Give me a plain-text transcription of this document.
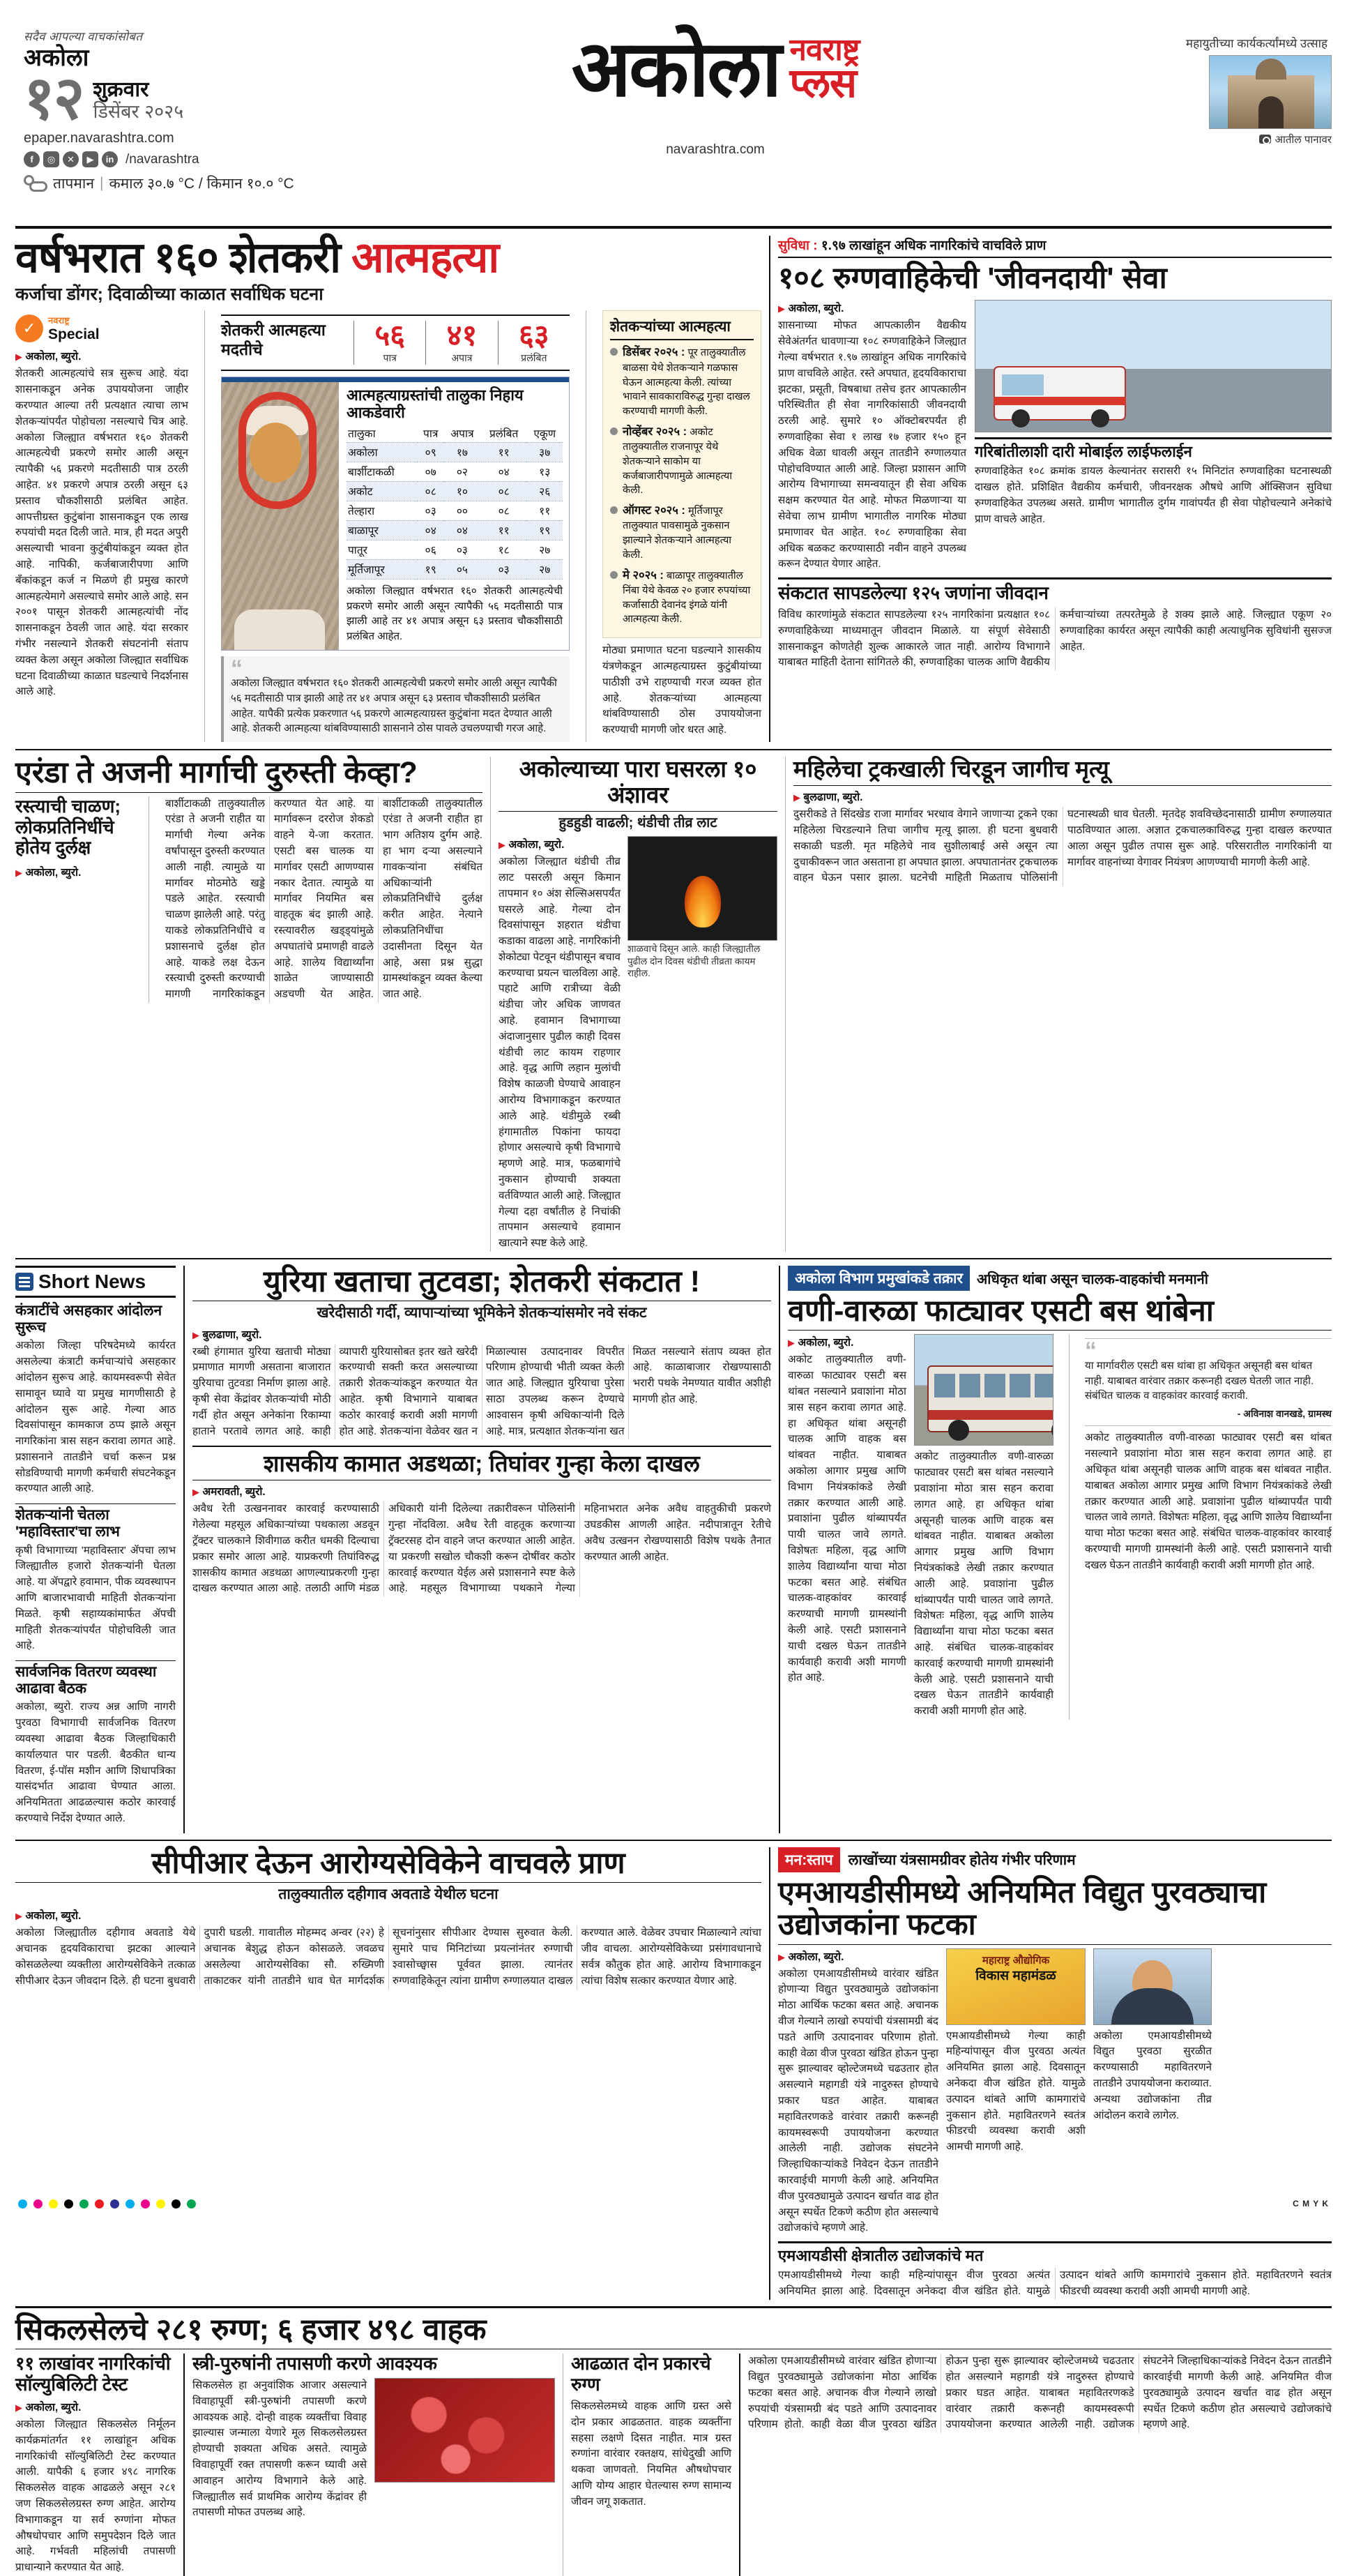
सदैव आपल्या वाचकांसोबत
अकोला
१२ शुक्रवार
डिसेंबर २०२५
epaper.navarashtra.com
f	◎	✕	▶	in /navarashtra
तापमान | कमाल ३०.७ °C / किमान १०.० °C
अकोला नवराष्ट्र
प्लस
navarashtra.com
महायुतीच्या कार्यकर्त्यांमध्ये उत्साह
आतील पानावर
वर्षभरात १६० शेतकरी आत्महत्या
कर्जाचा डोंगर; दिवाळीच्या काळात सर्वाधिक घटना
✓	नवराष्ट्र
Special
▶ अकोला, ब्युरो.
शेतकरी आत्महत्यांचे सत्र सुरूच आहे. यंदा शासनाकडून अनेक उपाययोजना जाहीर करण्यात आल्या तरी प्रत्यक्षात त्याचा लाभ शेतकऱ्यांपर्यंत पोहोचला नसल्याचे चित्र आहे. अकोला जिल्ह्यात वर्षभरात १६० शेतकरी आत्महत्येची प्रकरणे समोर आली असून त्यापैकी ५६ प्रकरणे मदतीसाठी पात्र ठरली आहेत. ४१ प्रकरणे अपात्र ठरली असून ६३ प्रस्ताव चौकशीसाठी प्रलंबित आहेत. आपत्तीग्रस्त कुटुंबांना शासनाकडून एक लाख रुपयांची मदत दिली जाते. मात्र, ही मदत अपुरी असल्याची भावना कुटुंबीयांकडून व्यक्त होत आहे. नापिकी, कर्जबाजारीपणा आणि बँकांकडून कर्ज न मिळणे ही प्रमुख कारणे आत्महत्येमागे असल्याचे समोर आले आहे. सन २००१ पासून शेतकरी आत्महत्यांची नोंद शासनाकडून ठेवली जात आहे. यंदा सरकार गंभीर नसल्याने शेतकरी संघटनांनी संताप व्यक्त केला असून अकोला जिल्ह्यात सर्वाधिक घटना दिवाळीच्या काळात घडल्याचे निदर्शनास आले आहे.
शेतकरी आत्महत्या मदतीचे	५६
पात्र
४१
अपात्र
६३
प्रलंबित
आत्महत्याग्रस्तांची तालुका निहाय आकडेवारी
तालुका	पात्र	अपात्र	प्रलंबित	एकूण
अकोला	०९	१७	११	३७
बार्शीटाकळी	०७	०२	०४	१३
अकोट	०८	१०	०८	२६
तेल्हारा	०३	००	०८	११
बाळापूर	०४	०४	११	१९
पातूर	०६	०३	१८	२७
मूर्तिजापूर	१९	०५	०३	२७
अकोला जिल्ह्यात वर्षभरात १६० शेतकरी आत्महत्येची प्रकरणे समोर आली असून त्यापैकी ५६ मदतीसाठी पात्र झाली आहे तर ४१ अपात्र असून ६३ प्रस्ताव चौकशीसाठी प्रलंबित आहेत.
“
अकोला जिल्ह्यात वर्षभरात १६० शेतकरी आत्महत्येची प्रकरणे समोर आली असून त्यापैकी ५६ मदतीसाठी पात्र झाली आहे तर ४१ अपात्र असून ६३ प्रस्ताव चौकशीसाठी प्रलंबित आहेत. यापैकी प्रत्येक प्रकरणात ५६ प्रकरणे आत्महत्याग्रस्त कुटुंबांना मदत देण्यात आली आहे. शेतकरी आत्महत्या थांबविण्यासाठी शासनाने ठोस पावले उचलण्याची गरज आहे.
शेतकऱ्यांच्या आत्महत्या
डिसेंबर २०२५ : पूर तालुक्यातील बाळसा येथे शेतकऱ्याने गळफास घेऊन आत्महत्या केली. त्यांच्या भावाने सावकाराविरुद्ध गुन्हा दाखल करण्याची मागणी केली.
नोव्हेंबर २०२५ : अकोट तालुक्यातील राजनापूर येथे शेतकऱ्याने साकोम या कर्जबाजारीपणामुळे आत्महत्या केली.
ऑगस्ट २०२५ : मूर्तिजापूर तालुक्यात पावसामुळे नुकसान झाल्याने शेतकऱ्याने आत्महत्या केली.
मे २०२५ : बाळापूर तालुक्यातील निंबा येथे केवळ २० हजार रुपयांच्या कर्जासाठी देवानंद इंगळे यांनी आत्महत्या केली.
मोठ्या प्रमाणात घटना घडल्याने शासकीय यंत्रणेकडून आत्महत्याग्रस्त कुटुंबीयांच्या पाठीशी उभे राहण्याची गरज व्यक्त होत आहे. शेतकऱ्यांच्या आत्महत्या थांबविण्यासाठी ठोस उपाययोजना करण्याची मागणी जोर धरत आहे.
सुविधा : १.९७ लाखांहून अधिक नागरिकांचे वाचविले प्राण
१०८ रुग्णवाहिकेची 'जीवनदायी' सेवा
▶ अकोला, ब्युरो.
शासनाच्या मोफत आपत्कालीन वैद्यकीय सेवेअंतर्गत धावणाऱ्या १०८ रुग्णवाहिकेने जिल्ह्यात गेल्या वर्षभरात १.९७ लाखांहून अधिक नागरिकांचे प्राण वाचविले आहेत. रस्ते अपघात, हृदयविकाराचा झटका, प्रसूती, विषबाधा तसेच इतर आपत्कालीन परिस्थितीत ही सेवा नागरिकांसाठी जीवनदायी ठरली आहे. सुमारे १० ऑक्टोबरपर्यंत ही रुग्णवाहिका सेवा १ लाख १७ हजार १५० हून अधिक वेळा धावली असून तातडीने रुग्णालयात पोहोचविण्यात आली आहे. जिल्हा प्रशासन आणि आरोग्य विभागाच्या समन्वयातून ही सेवा अधिक सक्षम करण्यात येत आहे. मोफत मिळणाऱ्या या सेवेचा लाभ ग्रामीण भागातील नागरिक मोठ्या प्रमाणावर घेत आहेत. १०८ रुग्णवाहिका सेवा अधिक बळकट करण्यासाठी नवीन वाहने उपलब्ध करून देण्यात येणार आहेत.
गरिबांतीलाशी दारी मोबाईल लाईफलाईन
रुग्णवाहिकेत १०८ क्रमांक डायल केल्यानंतर सरासरी १५ मिनिटांत रुग्णवाहिका घटनास्थळी दाखल होते. प्रशिक्षित वैद्यकीय कर्मचारी, जीवनरक्षक औषधे आणि ऑक्सिजन सुविधा रुग्णवाहिकेत उपलब्ध असते. ग्रामीण भागातील दुर्गम गावांपर्यंत ही सेवा पोहोचल्याने अनेकांचे प्राण वाचले आहेत.
संकटात सापडलेल्या १२५ जणांना जीवदान
विविध कारणांमुळे संकटात सापडलेल्या १२५ नागरिकांना प्रत्यक्षात १०८ रुग्णवाहिकेच्या माध्यमातून जीवदान मिळाले. या संपूर्ण सेवेसाठी शासनाकडून कोणतेही शुल्क आकारले जात नाही. आरोग्य विभागाने याबाबत माहिती देताना सांगितले की, रुग्णवाहिका चालक आणि वैद्यकीय कर्मचाऱ्यांच्या तत्परतेमुळे हे शक्य झाले आहे. जिल्ह्यात एकूण २० रुग्णवाहिका कार्यरत असून त्यापैकी काही अत्याधुनिक सुविधांनी सुसज्ज आहेत.
एरंडा ते अजनी मार्गाची दुरुस्ती केव्हा?
रस्त्याची चाळण; लोकप्रतिनिधींचे होतेय दुर्लक्ष
▶ अकोला, ब्युरो.
बार्शीटाकळी तालुक्यातील एरंडा ते अजनी राहीत या मार्गाची गेल्या अनेक वर्षांपासून दुरुस्ती करण्यात आली नाही. त्यामुळे या मार्गावर मोठमोठे खड्डे पडले आहेत. रस्त्याची चाळण झालेली आहे. परंतु याकडे लोकप्रतिनिधींचे व प्रशासनाचे दुर्लक्ष होत आहे. याकडे लक्ष देऊन रस्त्याची दुरुस्ती करण्याची मागणी नागरिकांकडून करण्यात येत आहे. या मार्गावरून दररोज शेकडो वाहने ये-जा करतात. एसटी बस चालक या मार्गावर एसटी आणण्यास नकार देतात. त्यामुळे या मार्गावर नियमित बस वाहतूक बंद झाली आहे. रस्त्यावरील खड्ड्यांमुळे अपघातांचे प्रमाणही वाढले आहे. शालेय विद्यार्थ्यांना शाळेत जाण्यासाठी अडचणी येत आहेत. बार्शीटाकळी तालुक्यातील एरंडा ते अजनी राहीत हा भाग अतिशय दुर्गम आहे. हा भाग दऱ्या असल्याने गावकऱ्यांना संबंधित अधिकाऱ्यांनी लोकप्रतिनिधींचे दुर्लक्ष करीत आहेत. नेत्याने लोकप्रतिनिधींचा उदासीनता दिसून येत आहे, असा प्रश्न सुद्धा ग्रामस्थांकडून व्यक्त केल्या जात आहे.
अकोल्याच्या पारा घसरला १० अंशावर
हुडहुडी वाढली; थंडीची तीव्र लाट
▶ अकोला, ब्युरो.
अकोला जिल्ह्यात थंडीची तीव्र लाट पसरली असून किमान तापमान १० अंश सेल्सिअसपर्यंत घसरले आहे. गेल्या दोन दिवसांपासून शहरात थंडीचा कडाका वाढला आहे. नागरिकांनी शेकोट्या पेटवून थंडीपासून बचाव करण्याचा प्रयत्न चालविला आहे. पहाटे आणि रात्रीच्या वेळी थंडीचा जोर अधिक जाणवत आहे. हवामान विभागाच्या अंदाजानुसार पुढील काही दिवस थंडीची लाट कायम राहणार आहे. वृद्ध आणि लहान मुलांची विशेष काळजी घेण्याचे आवाहन आरोग्य विभागाकडून करण्यात आले आहे. थंडीमुळे रब्बी हंगामातील पिकांना फायदा होणार असल्याचे कृषी विभागाचे म्हणणे आहे. मात्र, फळबागांचे नुकसान होण्याची शक्यता वर्तविण्यात आली आहे. जिल्ह्यात गेल्या दहा वर्षांतील हे निचांकी तापमान असल्याचे हवामान खात्याने स्पष्ट केले आहे.
शाळवाचे दिसून आले. काही जिल्ह्यातील पुढील दोन दिवस थंडीची तीव्रता कायम राहील.
महिलेचा ट्रकखाली चिरडून जागीच मृत्यू
▶ बुलढाणा, ब्युरो.
दुसरीकडे ते सिंदखेड राजा मार्गावर भरधाव वेगाने जाणाऱ्या ट्रकने एका महिलेला चिरडल्याने तिचा जागीच मृत्यू झाला. ही घटना बुधवारी सकाळी घडली. मृत महिलेचे नाव सुशीलाबाई असे असून त्या दुचाकीवरून जात असताना हा अपघात झाला. अपघातानंतर ट्रकचालक वाहन घेऊन पसार झाला. घटनेची माहिती मिळताच पोलिसांनी घटनास्थळी धाव घेतली. मृतदेह शवविच्छेदनासाठी ग्रामीण रुग्णालयात पाठविण्यात आला. अज्ञात ट्रकचालकाविरुद्ध गुन्हा दाखल करण्यात आला असून पुढील तपास सुरू आहे. परिसरातील नागरिकांनी या मार्गावर वाहनांच्या वेगावर नियंत्रण आणण्याची मागणी केली आहे.
Short News
कंत्राटींचे असहकार आंदोलन सुरूच
अकोला जिल्हा परिषदेमध्ये कार्यरत असलेल्या कंत्राटी कर्मचाऱ्यांचे असहकार आंदोलन सुरूच आहे. कायमस्वरूपी सेवेत सामावून घ्यावे या प्रमुख मागणीसाठी हे आंदोलन सुरू आहे. गेल्या आठ दिवसांपासून कामकाज ठप्प झाले असून नागरिकांना त्रास सहन करावा लागत आहे. प्रशासनाने तातडीने चर्चा करून प्रश्न सोडविण्याची मागणी कर्मचारी संघटनेकडून करण्यात आली आहे.
शेतकऱ्यांनी चेतला 'महाविस्तार'चा लाभ
कृषी विभागाच्या 'महाविस्तार' ॲपचा लाभ जिल्ह्यातील हजारो शेतकऱ्यांनी घेतला आहे. या ॲपद्वारे हवामान, पीक व्यवस्थापन आणि बाजारभावाची माहिती शेतकऱ्यांना मिळते. कृषी सहाय्यकांमार्फत ॲपची माहिती शेतकऱ्यांपर्यंत पोहोचविली जात आहे.
सार्वजनिक वितरण व्यवस्था आढावा बैठक
अकोला, ब्युरो. राज्य अन्न आणि नागरी पुरवठा विभागाची सार्वजनिक वितरण व्यवस्था आढावा बैठक जिल्हाधिकारी कार्यालयात पार पडली. बैठकीत धान्य वितरण, ई-पॉस मशीन आणि शिधापत्रिका यासंदर्भात आढावा घेण्यात आला. अनियमितता आढळल्यास कठोर कारवाई करण्याचे निर्देश देण्यात आले.
युरिया खताचा तुटवडा; शेतकरी संकटात !
खरेदीसाठी गर्दी, व्यापाऱ्यांच्या भूमिकेने शेतकऱ्यांसमोर नवे संकट
▶ बुलढाणा, ब्युरो.
रब्बी हंगामात युरिया खताची मोठ्या प्रमाणात मागणी असताना बाजारात युरियाचा तुटवडा निर्माण झाला आहे. कृषी सेवा केंद्रांवर शेतकऱ्यांची मोठी गर्दी होत असून अनेकांना रिकाम्या हाताने परतावे लागत आहे. काही व्यापारी युरियासोबत इतर खते खरेदी करण्याची सक्ती करत असल्याच्या तक्रारी शेतकऱ्यांकडून करण्यात येत आहेत. कृषी विभागाने याबाबत कठोर कारवाई करावी अशी मागणी होत आहे. शेतकऱ्यांना वेळेवर खत न मिळाल्यास उत्पादनावर विपरीत परिणाम होण्याची भीती व्यक्त केली जात आहे. जिल्ह्यात युरियाचा पुरेसा साठा उपलब्ध करून देण्याचे आश्वासन कृषी अधिकाऱ्यांनी दिले आहे. मात्र, प्रत्यक्षात शेतकऱ्यांना खत मिळत नसल्याने संताप व्यक्त होत आहे. काळाबाजार रोखण्यासाठी भरारी पथके नेमण्यात यावीत अशीही मागणी होत आहे.
शासकीय कामात अडथळा; तिघांवर गुन्हा केला दाखल
▶ अमरावती, ब्युरो.
अवैध रेती उत्खननावर कारवाई करण्यासाठी गेलेल्या महसूल अधिकाऱ्यांच्या पथकाला अडवून ट्रॅक्टर चालकाने शिवीगाळ करीत धमकी दिल्याचा प्रकार समोर आला आहे. याप्रकरणी तिघांविरुद्ध शासकीय कामात अडथळा आणल्याप्रकरणी गुन्हा दाखल करण्यात आला आहे. तलाठी आणि मंडळ अधिकारी यांनी दिलेल्या तक्रारीवरून पोलिसांनी गुन्हा नोंदविला. अवैध रेती वाहतूक करणाऱ्या ट्रॅक्टरसह दोन वाहने जप्त करण्यात आली आहेत. या प्रकरणी सखोल चौकशी करून दोषींवर कठोर कारवाई करण्यात येईल असे प्रशासनाने स्पष्ट केले आहे. महसूल विभागाच्या पथकाने गेल्या महिनाभरात अनेक अवैध वाहतुकीची प्रकरणे उघडकीस आणली आहेत. नदीपात्रातून रेतीचे अवैध उत्खनन रोखण्यासाठी विशेष पथके तैनात करण्यात आली आहेत.
अकोला विभाग प्रमुखांकडे तक्रार	अधिकृत थांबा असून चालक-वाहकांची मनमानी
वणी-वारुळा फाट्यावर एसटी बस थांबेना
▶ अकोला, ब्युरो.
अकोट तालुक्यातील वणी-वारुळा फाट्यावर एसटी बस थांबत नसल्याने प्रवाशांना मोठा त्रास सहन करावा लागत आहे. हा अधिकृत थांबा असूनही चालक आणि वाहक बस थांबवत नाहीत. याबाबत अकोला आगार प्रमुख आणि विभाग नियंत्रकांकडे लेखी तक्रार करण्यात आली आहे. प्रवाशांना पुढील थांब्यापर्यंत पायी चालत जावे लागते. विशेषतः महिला, वृद्ध आणि शालेय विद्यार्थ्यांना याचा मोठा फटका बसत आहे. संबंधित चालक-वाहकांवर कारवाई करण्याची मागणी ग्रामस्थांनी केली आहे. एसटी प्रशासनाने याची दखल घेऊन तातडीने कार्यवाही करावी अशी मागणी होत आहे.
अकोट तालुक्यातील वणी-वारुळा फाट्यावर एसटी बस थांबत नसल्याने प्रवाशांना मोठा त्रास सहन करावा लागत आहे. हा अधिकृत थांबा असूनही चालक आणि वाहक बस थांबवत नाहीत. याबाबत अकोला आगार प्रमुख आणि विभाग नियंत्रकांकडे लेखी तक्रार करण्यात आली आहे. प्रवाशांना पुढील थांब्यापर्यंत पायी चालत जावे लागते. विशेषतः महिला, वृद्ध आणि शालेय विद्यार्थ्यांना याचा मोठा फटका बसत आहे. संबंधित चालक-वाहकांवर कारवाई करण्याची मागणी ग्रामस्थांनी केली आहे. एसटी प्रशासनाने याची दखल घेऊन तातडीने कार्यवाही करावी अशी मागणी होत आहे.
“
या मार्गावरील एसटी बस थांबा हा अधिकृत असूनही बस थांबत नाही. याबाबत वारंवार तक्रार करूनही दखल घेतली जात नाही. संबंधित चालक व वाहकांवर कारवाई करावी.
- अविनाश वानखडे, ग्रामस्थ
अकोट तालुक्यातील वणी-वारुळा फाट्यावर एसटी बस थांबत नसल्याने प्रवाशांना मोठा त्रास सहन करावा लागत आहे. हा अधिकृत थांबा असूनही चालक आणि वाहक बस थांबवत नाहीत. याबाबत अकोला आगार प्रमुख आणि विभाग नियंत्रकांकडे लेखी तक्रार करण्यात आली आहे. प्रवाशांना पुढील थांब्यापर्यंत पायी चालत जावे लागते. विशेषतः महिला, वृद्ध आणि शालेय विद्यार्थ्यांना याचा मोठा फटका बसत आहे. संबंधित चालक-वाहकांवर कारवाई करण्याची मागणी ग्रामस्थांनी केली आहे. एसटी प्रशासनाने याची दखल घेऊन तातडीने कार्यवाही करावी अशी मागणी होत आहे.
सीपीआर देऊन आरोग्यसेविकेने वाचवले प्राण
तालुक्यातील दहीगाव अवताडे येथील घटना
▶ अकोला, ब्युरो.
अकोला जिल्ह्यातील दहीगाव अवताडे येथे अचानक हृदयविकाराचा झटका आल्याने कोसळलेल्या व्यक्तीला आरोग्यसेविकेने तत्काळ सीपीआर देऊन जीवदान दिले. ही घटना बुधवारी दुपारी घडली. गावातील मोहम्मद अन्वर (२२) हे अचानक बेशुद्ध होऊन कोसळले. जवळच असलेल्या आरोग्यसेविका सौ. रुख्मिणी ताकाटकर यांनी तातडीने धाव घेत मार्गदर्शक सूचनांनुसार सीपीआर देण्यास सुरुवात केली. सुमारे पाच मिनिटांच्या प्रयत्नांनंतर रुग्णाची श्वासोच्छ्वास पूर्ववत झाला. त्यानंतर रुग्णवाहिकेतून त्यांना ग्रामीण रुग्णालयात दाखल करण्यात आले. वेळेवर उपचार मिळाल्याने त्यांचा जीव वाचला. आरोग्यसेविकेच्या प्रसंगावधानाचे सर्वत्र कौतुक होत आहे. आरोग्य विभागाकडून त्यांचा विशेष सत्कार करण्यात येणार आहे.
मन:स्ताप	लाखोंच्या यंत्रसामग्रीवर होतेय गंभीर परिणाम
एमआयडीसीमध्ये अनियमित विद्युत पुरवठ्याचा उद्योजकांना फटका
▶ अकोला, ब्युरो.
अकोला एमआयडीसीमध्ये वारंवार खंडित होणाऱ्या विद्युत पुरवठ्यामुळे उद्योजकांना मोठा आर्थिक फटका बसत आहे. अचानक वीज गेल्याने लाखो रुपयांची यंत्रसामग्री बंद पडते आणि उत्पादनावर परिणाम होतो. काही वेळा वीज पुरवठा खंडित होऊन पुन्हा सुरू झाल्यावर व्होल्टेजमध्ये चढउतार होत असल्याने महागडी यंत्रे नादुरुस्त होण्याचे प्रकार घडत आहेत. याबाबत महावितरणकडे वारंवार तक्रारी करूनही कायमस्वरूपी उपाययोजना करण्यात आलेली नाही. उद्योजक संघटनेने जिल्हाधिकाऱ्यांकडे निवेदन देऊन तातडीने कारवाईची मागणी केली आहे. अनियमित वीज पुरवठ्यामुळे उत्पादन खर्चात वाढ होत असून स्पर्धेत टिकणे कठीण होत असल्याचे उद्योजकांचे म्हणणे आहे.
महाराष्ट्र औद्योगिक
विकास महामंडळ
एमआयडीसीमध्ये गेल्या काही महिन्यांपासून वीज पुरवठा अत्यंत अनियमित झाला आहे. दिवसातून अनेकदा वीज खंडित होते. यामुळे उत्पादन थांबते आणि कामगारांचे नुकसान होते. महावितरणने स्वतंत्र फीडरची व्यवस्था करावी अशी आमची मागणी आहे.
अकोला एमआयडीसीमध्ये विद्युत पुरवठा सुरळीत करण्यासाठी महावितरणने तातडीने उपाययोजना कराव्यात. अन्यथा उद्योजकांना तीव्र आंदोलन करावे लागेल.
एमआयडीसी क्षेत्रातील उद्योजकांचे मत
एमआयडीसीमध्ये गेल्या काही महिन्यांपासून वीज पुरवठा अत्यंत अनियमित झाला आहे. दिवसातून अनेकदा वीज खंडित होते. यामुळे उत्पादन थांबते आणि कामगारांचे नुकसान होते. महावितरणने स्वतंत्र फीडरची व्यवस्था करावी अशी आमची मागणी आहे.
सिकलसेलचे २८१ रुग्ण; ६ हजार ४९८ वाहक
११ लाखांवर नागरिकांची सॉल्युबिलिटी टेस्ट
▶ अकोला, ब्युरो.
अकोला जिल्ह्यात सिकलसेल निर्मूलन कार्यक्रमांतर्गत ११ लाखांहून अधिक नागरिकांची सॉल्युबिलिटी टेस्ट करण्यात आली. यापैकी ६ हजार ४९८ नागरिक सिकलसेल वाहक आढळले असून २८१ जण सिकलसेलग्रस्त रुग्ण आहेत. आरोग्य विभागाकडून या सर्व रुग्णांना मोफत औषधोपचार आणि समुपदेशन दिले जात आहे. गर्भवती महिलांची तपासणी प्राधान्याने करण्यात येत आहे.
स्त्री-पुरुषांनी तपासणी करणे आवश्यक
सिकलसेल हा अनुवांशिक आजार असल्याने विवाहापूर्वी स्त्री-पुरुषांनी तपासणी करणे आवश्यक आहे. दोन्ही वाहक व्यक्तींचा विवाह झाल्यास जन्माला येणारे मूल सिकलसेलग्रस्त होण्याची शक्यता अधिक असते. त्यामुळे विवाहापूर्वी रक्त तपासणी करून घ्यावी असे आवाहन आरोग्य विभागाने केले आहे. जिल्ह्यातील सर्व प्राथमिक आरोग्य केंद्रांवर ही तपासणी मोफत उपलब्ध आहे.
आढळात दोन प्रकारचे रुग्ण
सिकलसेलमध्ये वाहक आणि ग्रस्त असे दोन प्रकार आढळतात. वाहक व्यक्तींना सहसा लक्षणे दिसत नाहीत. मात्र ग्रस्त रुग्णांना वारंवार रक्तक्षय, सांधेदुखी आणि थकवा जाणवतो. नियमित औषधोपचार आणि योग्य आहार घेतल्यास रुग्ण सामान्य जीवन जगू शकतात.
अकोला एमआयडीसीमध्ये वारंवार खंडित होणाऱ्या विद्युत पुरवठ्यामुळे उद्योजकांना मोठा आर्थिक फटका बसत आहे. अचानक वीज गेल्याने लाखो रुपयांची यंत्रसामग्री बंद पडते आणि उत्पादनावर परिणाम होतो. काही वेळा वीज पुरवठा खंडित होऊन पुन्हा सुरू झाल्यावर व्होल्टेजमध्ये चढउतार होत असल्याने महागडी यंत्रे नादुरुस्त होण्याचे प्रकार घडत आहेत. याबाबत महावितरणकडे वारंवार तक्रारी करूनही कायमस्वरूपी उपाययोजना करण्यात आलेली नाही. उद्योजक संघटनेने जिल्हाधिकाऱ्यांकडे निवेदन देऊन तातडीने कारवाईची मागणी केली आहे. अनियमित वीज पुरवठ्यामुळे उत्पादन खर्चात वाढ होत असून स्पर्धेत टिकणे कठीण होत असल्याचे उद्योजकांचे म्हणणे आहे.
C M Y K
